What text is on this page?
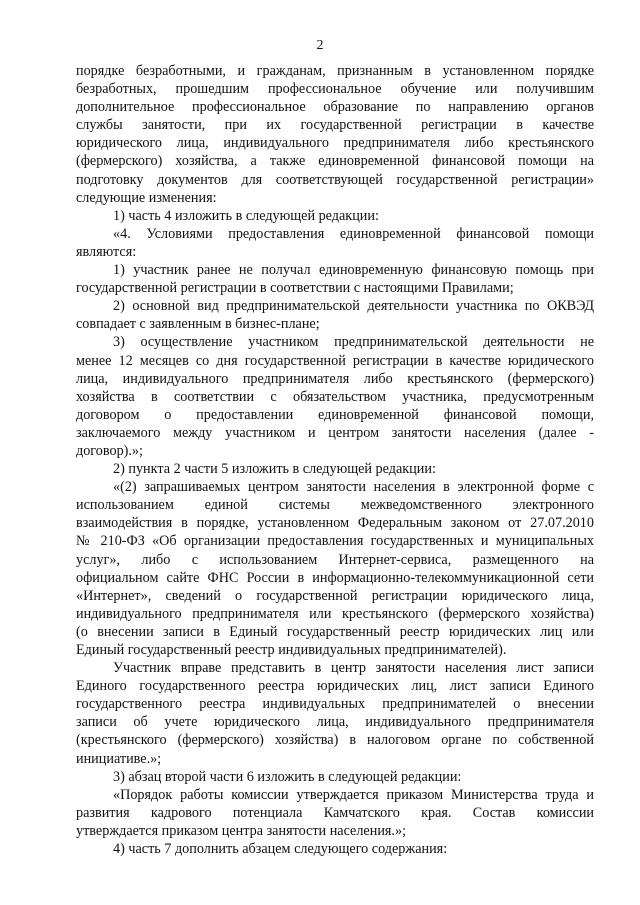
2
порядке безработными, и гражданам, признанным в установленном порядке
безработных, прошедшим профессиональное обучение или получившим
дополнительное профессиональное образование по направлению органов
службы занятости, при их государственной регистрации в качестве
юридического лица, индивидуального предпринимателя либо крестьянского
(фермерского) хозяйства, а также единовременной финансовой помощи на
подготовку документов для соответствующей государственной регистрации»
следующие изменения:
1) часть 4 изложить в следующей редакции:
«4. Условиями предоставления единовременной финансовой помощи
являются:
1) участник ранее не получал единовременную финансовую помощь при
государственной регистрации в соответствии с настоящими Правилами;
2) основной вид предпринимательской деятельности участника по ОКВЭД
совпадает с заявленным в бизнес-плане;
3) осуществление участником предпринимательской деятельности не
менее 12 месяцев со дня государственной регистрации в качестве юридического
лица, индивидуального предпринимателя либо крестьянского (фермерского)
хозяйства в соответствии с обязательством участника, предусмотренным
договором о предоставлении единовременной финансовой помощи,
заключаемого между участником и центром занятости населения (далее -
договор).»;
2) пункта 2 части 5 изложить в следующей редакции:
«(2) запрашиваемых центром занятости населения в электронной форме с
использованием единой системы межведомственного электронного
взаимодействия в порядке, установленном Федеральным законом от 27.07.2010
№ 210-ФЗ «Об организации предоставления государственных и муниципальных
услуг», либо с использованием Интернет-сервиса, размещенного на
официальном сайте ФНС России в информационно-телекоммуникационной сети
«Интернет», сведений о государственной регистрации юридического лица,
индивидуального предпринимателя или крестьянского (фермерского хозяйства)
(о внесении записи в Единый государственный реестр юридических лиц или
Единый государственный реестр индивидуальных предпринимателей).
Участник вправе представить в центр занятости населения лист записи
Единого государственного реестра юридических лиц, лист записи Единого
государственного реестра индивидуальных предпринимателей о внесении
записи об учете юридического лица, индивидуального предпринимателя
(крестьянского (фермерского) хозяйства) в налоговом органе по собственной
инициативе.»;
3) абзац второй части 6 изложить в следующей редакции:
«Порядок работы комиссии утверждается приказом Министерства труда и
развития кадрового потенциала Камчатского края. Состав комиссии
утверждается приказом центра занятости населения.»;
4) часть 7 дополнить абзацем следующего содержания:
